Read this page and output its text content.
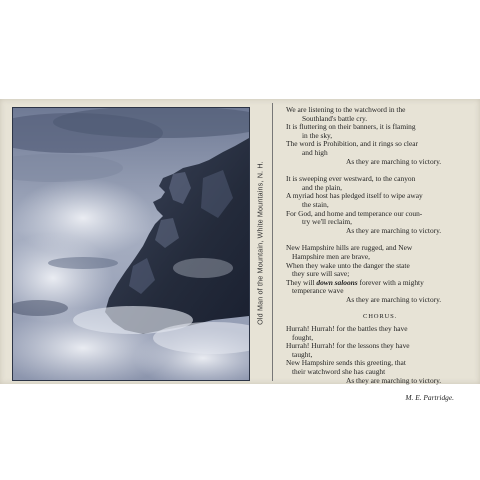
Old Man of the Mountain, White Mountains, N. H.
We are listening to the watchword in the
Southland's battle cry.
It is fluttering on their banners, it is flaming
in the sky,
The word is Prohibition, and it rings so clear
and high
As they are marching to victory.
It is sweeping ever westward, to the canyon
and the plain,
A myriad host has pledged itself to wipe away
the stain,
For God, and home and temperance our coun-
try we'll reclaim,
As they are marching to victory.
New Hampshire hills are rugged, and New
Hampshire men are brave,
When they wake unto the danger the state
they sure will save;
They will down saloons forever with a mighty
temperance wave
As they are marching to victory.
CHORUS.
Hurrah! Hurrah! for the battles they have
fought,
Hurrah! Hurrah! for the lessons they have
taught,
New Hampshire sends this greeting, that
their watchword she has caught
As they are marching to victory.
M. E. Partridge.
